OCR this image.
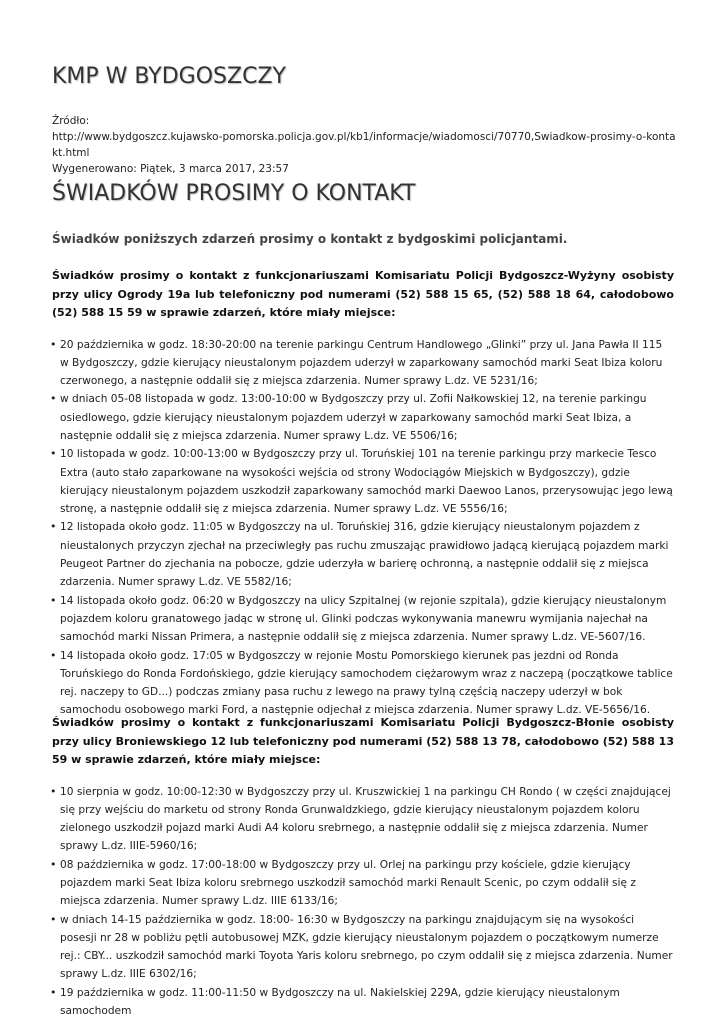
KMP W BYDGOSZCZY
Źródło:
http://www.bydgoszcz.kujawsko-pomorska.policja.gov.pl/kb1/informacje/wiadomosci/70770,Swiadkow-prosimy-o-kontakt.html
Wygenerowano: Piątek, 3 marca 2017, 23:57
ŚWIADKÓW PROSIMY O KONTAKT
Świadków poniższych zdarzeń prosimy o kontakt z bydgoskimi policjantami.

Świadków prosimy o kontakt z funkcjonariuszami Komisariatu Policji Bydgoszcz-Wyżyny osobisty przy ulicy Ogrody 19a lub telefoniczny pod numerami (52) 588 15 65, (52) 588 18 64, całodobowo (52) 588 15 59 w sprawie zdarzeń, które miały miejsce:

• 20 października w godz. 18:30-20:00 na terenie parkingu Centrum Handlowego „Glinki” przy ul. Jana Pawła II 115 w Bydgoszczy, gdzie kierujący nieustalonym pojazdem uderzył w zaparkowany samochód marki Seat Ibiza koloru czerwonego, a następnie oddalił się z miejsca zdarzenia. Numer sprawy L.dz. VE 5231/16;
• w dniach 05-08 listopada w godz. 13:00-10:00 w Bydgoszczy przy ul. Zofii Nałkowskiej 12, na terenie parkingu osiedlowego, gdzie kierujący nieustalonym pojazdem uderzył w zaparkowany samochód marki Seat Ibiza, a następnie oddalił się z miejsca zdarzenia. Numer sprawy L.dz. VE 5506/16;
• 10 listopada w godz. 10:00-13:00 w Bydgoszczy przy ul. Toruńskiej 101 na terenie parkingu przy markecie Tesco Extra (auto stało zaparkowane na wysokości wejścia od strony Wodociągów Miejskich w Bydgoszczy), gdzie kierujący nieustalonym pojazdem uszkodził zaparkowany samochód marki Daewoo Lanos, przerysowując jego lewą stronę, a następnie oddalił się z miejsca zdarzenia. Numer sprawy L.dz. VE 5556/16;
• 12 listopada około godz. 11:05 w Bydgoszczy na ul. Toruńskiej 316, gdzie kierujący nieustalonym pojazdem z nieustalonych przyczyn zjechał na przeciwległy pas ruchu zmuszając prawidłowo jadącą kierującą pojazdem marki Peugeot Partner do zjechania na pobocze, gdzie uderzyła w barierę ochronną, a następnie oddalił się z miejsca zdarzenia. Numer sprawy L.dz. VE 5582/16;
• 14 listopada około godz. 06:20 w Bydgoszczy na ulicy Szpitalnej (w rejonie szpitala), gdzie kierujący nieustalonym pojazdem koloru granatowego jadąc w stronę ul. Glinki podczas wykonywania manewru wymijania najechał na samochód marki Nissan Primera, a następnie oddalił się z miejsca zdarzenia. Numer sprawy L.dz. VE-5607/16.
• 14 listopada około godz. 17:05 w Bydgoszczy w rejonie Mostu Pomorskiego kierunek pas jezdni od Ronda Toruńskiego do Ronda Fordońskiego, gdzie kierujący samochodem ciężarowym wraz z naczepą (początkowe tablice rej. naczepy to GD...) podczas zmiany pasa ruchu z lewego na prawy tylną częścią naczepy uderzył w bok samochodu osobowego marki Ford, a następnie odjechał z miejsca zdarzenia. Numer sprawy L.dz. VE-5656/16.

Świadków prosimy o kontakt z funkcjonariuszami Komisariatu Policji Bydgoszcz-Błonie osobisty przy ulicy Broniewskiego 12 lub telefoniczny pod numerami (52) 588 13 78, całodobowo (52) 588 13 59 w sprawie zdarzeń, które miały miejsce:

• 10 sierpnia w godz. 10:00-12:30 w Bydgoszczy przy ul. Kruszwickiej 1 na parkingu CH Rondo ( w części znajdującej się przy wejściu do marketu od strony Ronda Grunwaldzkiego, gdzie kierujący nieustalonym pojazdem koloru zielonego uszkodził pojazd marki Audi A4 koloru srebrnego, a następnie oddalił się z miejsca zdarzenia. Numer sprawy L.dz. IIIE-5960/16;
• 08 października w godz. 17:00-18:00 w Bydgoszczy przy ul. Orlej na parkingu przy kościele, gdzie kierujący pojazdem marki Seat Ibiza koloru srebrnego uszkodził samochód marki Renault Scenic, po czym oddalił się z miejsca zdarzenia. Numer sprawy L.dz. IIIE 6133/16;
• w dniach 14-15 października w godz. 18:00- 16:30 w Bydgoszczy na parkingu znajdującym się na wysokości posesji nr 28 w pobliżu pętli autobusowej MZK, gdzie kierujący nieustalonym pojazdem o początkowym numerze rej.: CBY... uszkodził samochód marki Toyota Yaris koloru srebrnego, po czym oddalił się z miejsca zdarzenia. Numer sprawy L.dz. IIIE 6302/16;
• 19 października w godz. 11:00-11:50 w Bydgoszczy na ul. Nakielskiej 229A, gdzie kierujący nieustalonym samochodem
